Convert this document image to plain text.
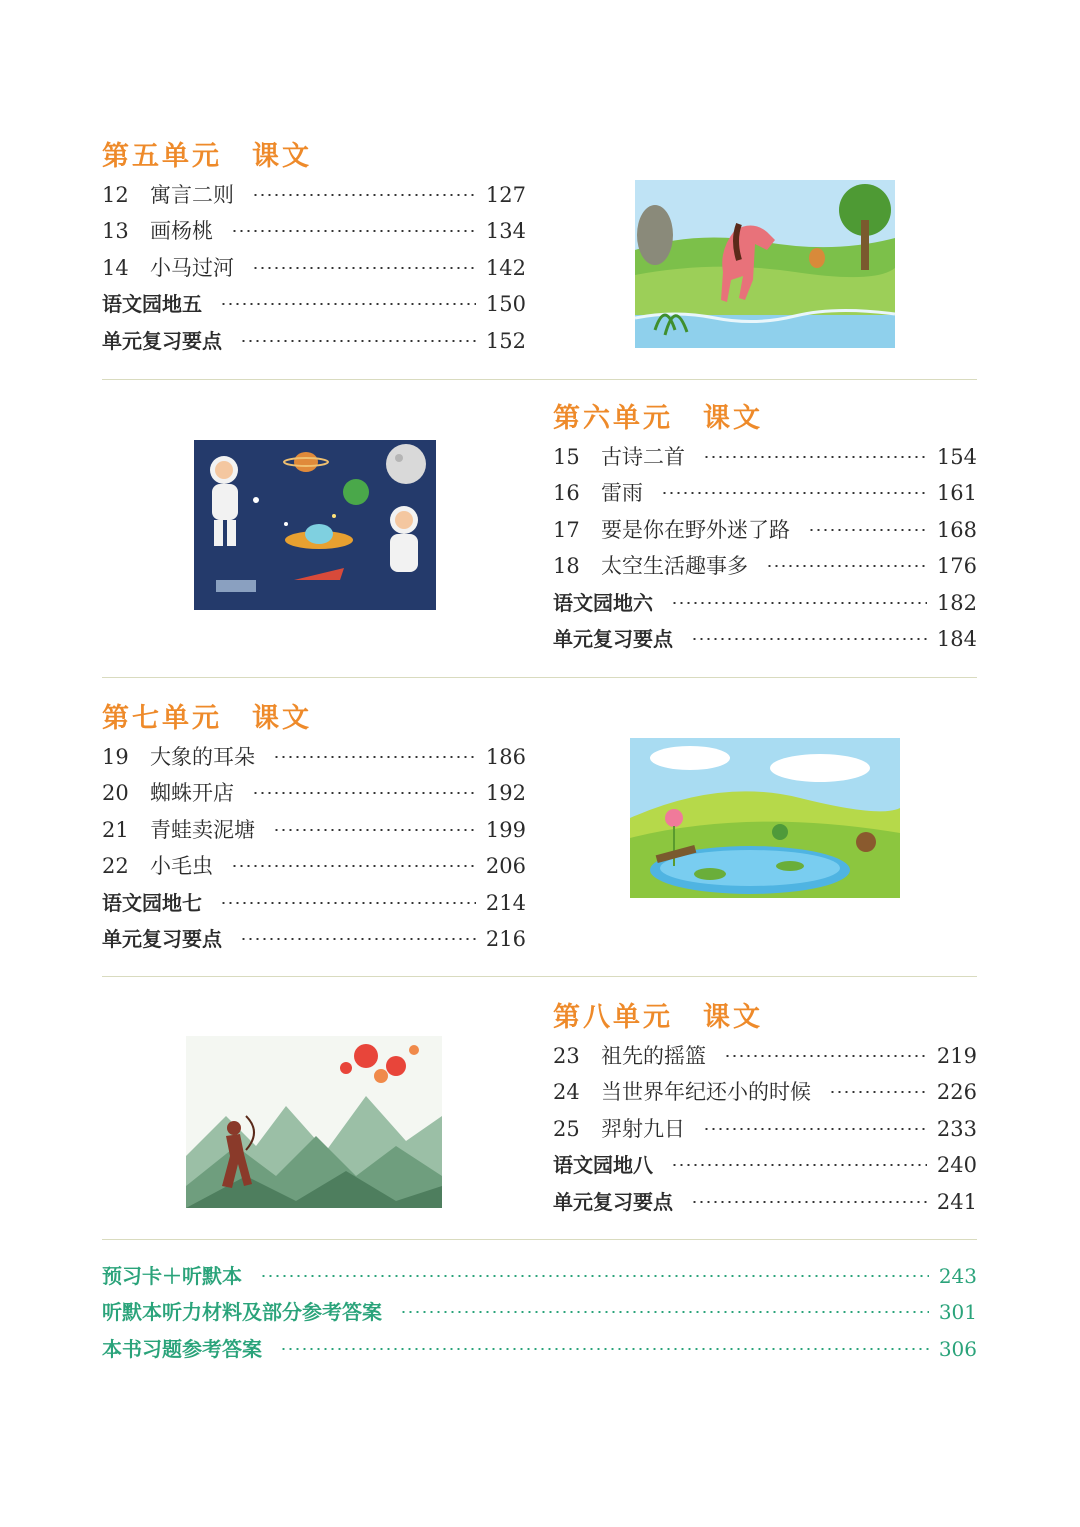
第五单元　课文
12	寓言二则	127
13	画杨桃	134
14	小马过河	142
语文园地五	150
单元复习要点	152
第六单元　课文
15	古诗二首	154
16	雷雨	161
17	要是你在野外迷了路	168
18	太空生活趣事多	176
语文园地六	182
单元复习要点	184
第七单元　课文
19	大象的耳朵	186
20	蜘蛛开店	192
21	青蛙卖泥塘	199
22	小毛虫	206
语文园地七	214
单元复习要点	216
第八单元　课文
23	祖先的摇篮	219
24	当世界年纪还小的时候	226
25	羿射九日	233
语文园地八	240
单元复习要点	241
预习卡＋听默本	243
听默本听力材料及部分参考答案	301
本书习题参考答案	306
